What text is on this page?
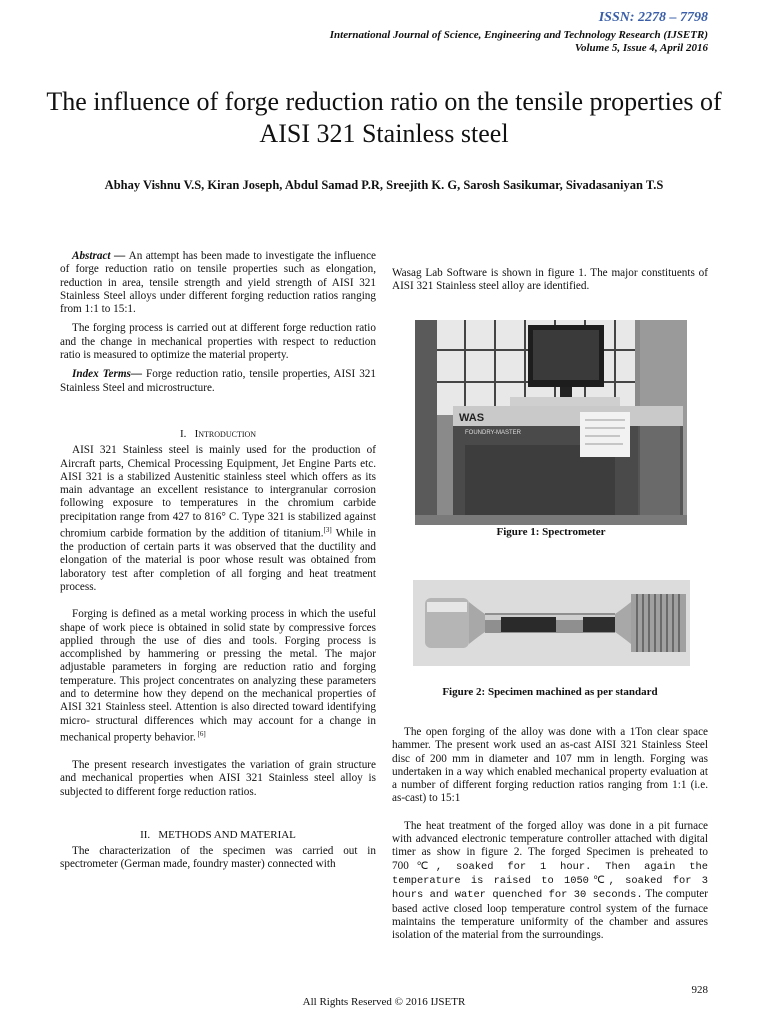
ISSN: 2278 – 7798
International Journal of Science, Engineering and Technology Research (IJSETR)
Volume 5, Issue 4, April 2016
The influence of forge reduction ratio on the tensile properties of AISI 321 Stainless steel
Abhay Vishnu V.S, Kiran Joseph, Abdul Samad P.R, Sreejith K. G, Sarosh Sasikumar, Sivadasaniyan T.S

Abstract — An attempt has been made to investigate the influence of forge reduction ratio on tensile properties such as elongation, reduction in area, tensile strength and yield strength of AISI 321 Stainless Steel alloys under different forging reduction ratios ranging from 1:1 to 15:1.

The forging process is carried out at different forge reduction ratio and the change in mechanical properties with respect to reduction ratio is measured to optimize the material property.

Index Terms— Forge reduction ratio, tensile properties, AISI 321 Stainless Steel and microstructure.

I. Introduction

AISI 321 Stainless steel is mainly used for the production of Aircraft parts, Chemical Processing Equipment, Jet Engine Parts etc. AISI 321 is a stabilized Austenitic stainless steel which offers as its main advantage an excellent resistance to intergranular corrosion following exposure to temperatures in the chromium carbide precipitation range from 427 to 816° C. Type 321 is stabilized against chromium carbide formation by the addition of titanium.[3] While in the production of certain parts it was observed that the ductility and elongation of the material is poor whose result was obtained from laboratory test after completion of all forging and heat treatment process.

Forging is defined as a metal working process in which the useful shape of work piece is obtained in solid state by compressive forces applied through the use of dies and tools. Forging process is accomplished by hammering or pressing the metal. The major adjustable parameters in forging are reduction ratio and forging temperature. This project concentrates on analyzing these parameters and to determine how they depend on the mechanical properties of AISI 321 Stainless steel. Attention is also directed toward identifying micro- structural differences which may account for a change in mechanical property behavior. [6]

The present research investigates the variation of grain structure and mechanical properties when AISI 321 Stainless steel alloy is subjected to different forge reduction ratios.

II. METHODS AND MATERIAL

The characterization of the specimen was carried out in spectrometer (German made, foundry master) connected with

Wasag Lab Software is shown in figure 1. The major constituents of AISI 321 Stainless steel alloy are identified.

WAS
FOUNDRY-MASTER
Figure 1: Spectrometer
Figure 2: Specimen machined as per standard

The open forging of the alloy was done with a 1Ton clear space hammer. The present work used an as-cast AISI 321 Stainless Steel disc of 200 mm in diameter and 107 mm in length. Forging was undertaken in a way which enabled mechanical property evaluation at a number of different forging reduction ratios ranging from 1:1 (i.e. as-cast) to 15:1

The heat treatment of the forged alloy was done in a pit furnace with advanced electronic temperature controller attached with digital timer as show in figure 2. The forged Specimen is preheated to 700℃, soaked for 1 hour. Then again the temperature is raised to 1050℃, soaked for 3 hours and water quenched for 30 seconds. The computer based active closed loop temperature control system of the furnace maintains the temperature uniformity of the chamber and assures isolation of the material from the surroundings.

928
All Rights Reserved © 2016 IJSETR
